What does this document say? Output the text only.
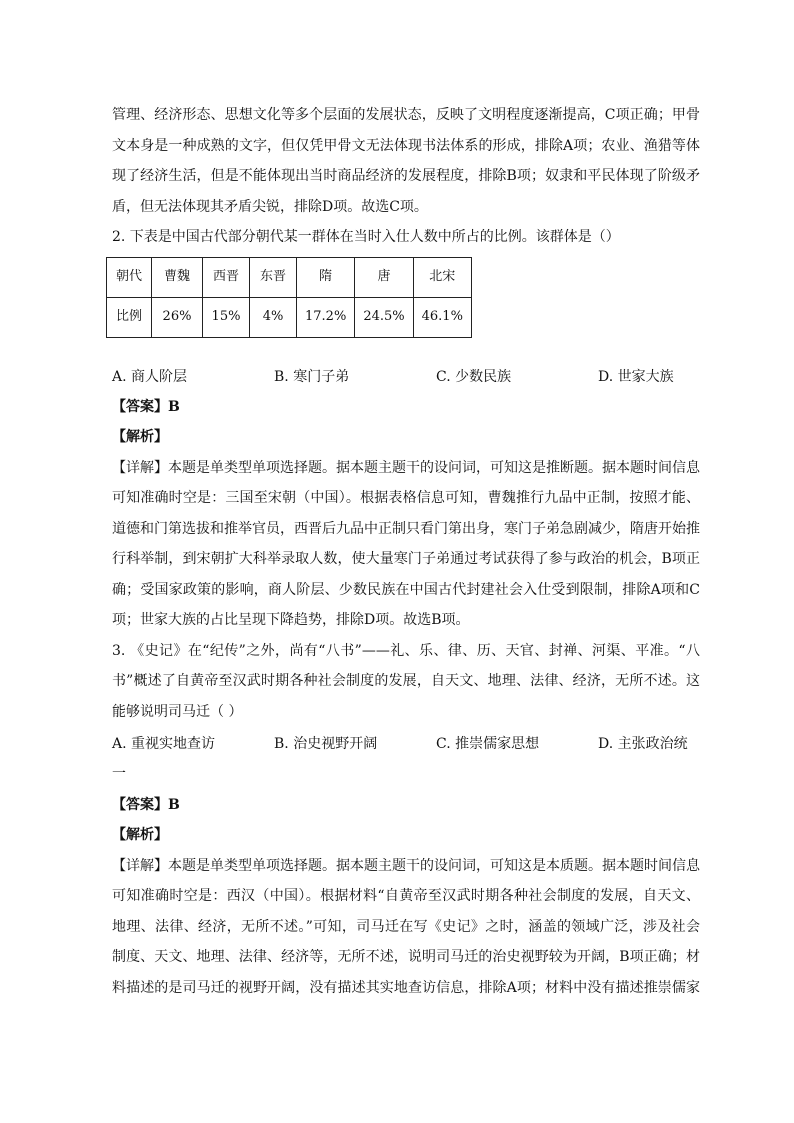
管理、经济形态、思想文化等多个层面的发展状态，反映了文明程度逐渐提高，C项正确；甲骨
文本身是一种成熟的文字，但仅凭甲骨文无法体现书法体系的形成，排除A项；农业、渔猎等体
现了经济生活，但是不能体现出当时商品经济的发展程度，排除B项；奴隶和平民体现了阶级矛
盾，但无法体现其矛盾尖锐，排除D项。故选C项。
2. 下表是中国古代部分朝代某一群体在当时入仕人数中所占的比例。该群体是（）
朝代	曹魏	西晋	东晋	隋	唐	北宋
比例	26%	15%	4%	17.2%	24.5%	46.1%
A. 商人阶层	B. 寒门子弟	C. 少数民族	D. 世家大族
【答案】B
【解析】
【详解】本题是单类型单项选择题。据本题主题干的设问词，可知这是推断题。据本题时间信息
可知准确时空是：三国至宋朝（中国）。根据表格信息可知，曹魏推行九品中正制，按照才能、
道德和门第选拔和推举官员，西晋后九品中正制只看门第出身，寒门子弟急剧减少，隋唐开始推
行科举制，到宋朝扩大科举录取人数，使大量寒门子弟通过考试获得了参与政治的机会，B项正
确；受国家政策的影响，商人阶层、少数民族在中国古代封建社会入仕受到限制，排除A项和C
项；世家大族的占比呈现下降趋势，排除D项。故选B项。
3. 《史记》在“纪传”之外，尚有“八书”——礼、乐、律、历、天官、封禅、河渠、平准。“八
书”概述了自黄帝至汉武时期各种社会制度的发展，自天文、地理、法律、经济，无所不述。这
能够说明司马迁（ ）
A. 重视实地查访	B. 治史视野开阔	C. 推崇儒家思想	D. 主张政治统
一
【答案】B
【解析】
【详解】本题是单类型单项选择题。据本题主题干的设问词，可知这是本质题。据本题时间信息
可知准确时空是：西汉（中国）。根据材料“自黄帝至汉武时期各种社会制度的发展，自天文、
地理、法律、经济，无所不述。”可知，司马迁在写《史记》之时，涵盖的领域广泛，涉及社会
制度、天文、地理、法律、经济等，无所不述，说明司马迁的治史视野较为开阔，B项正确；材
料描述的是司马迁的视野开阔，没有描述其实地查访信息，排除A项；材料中没有描述推崇儒家
